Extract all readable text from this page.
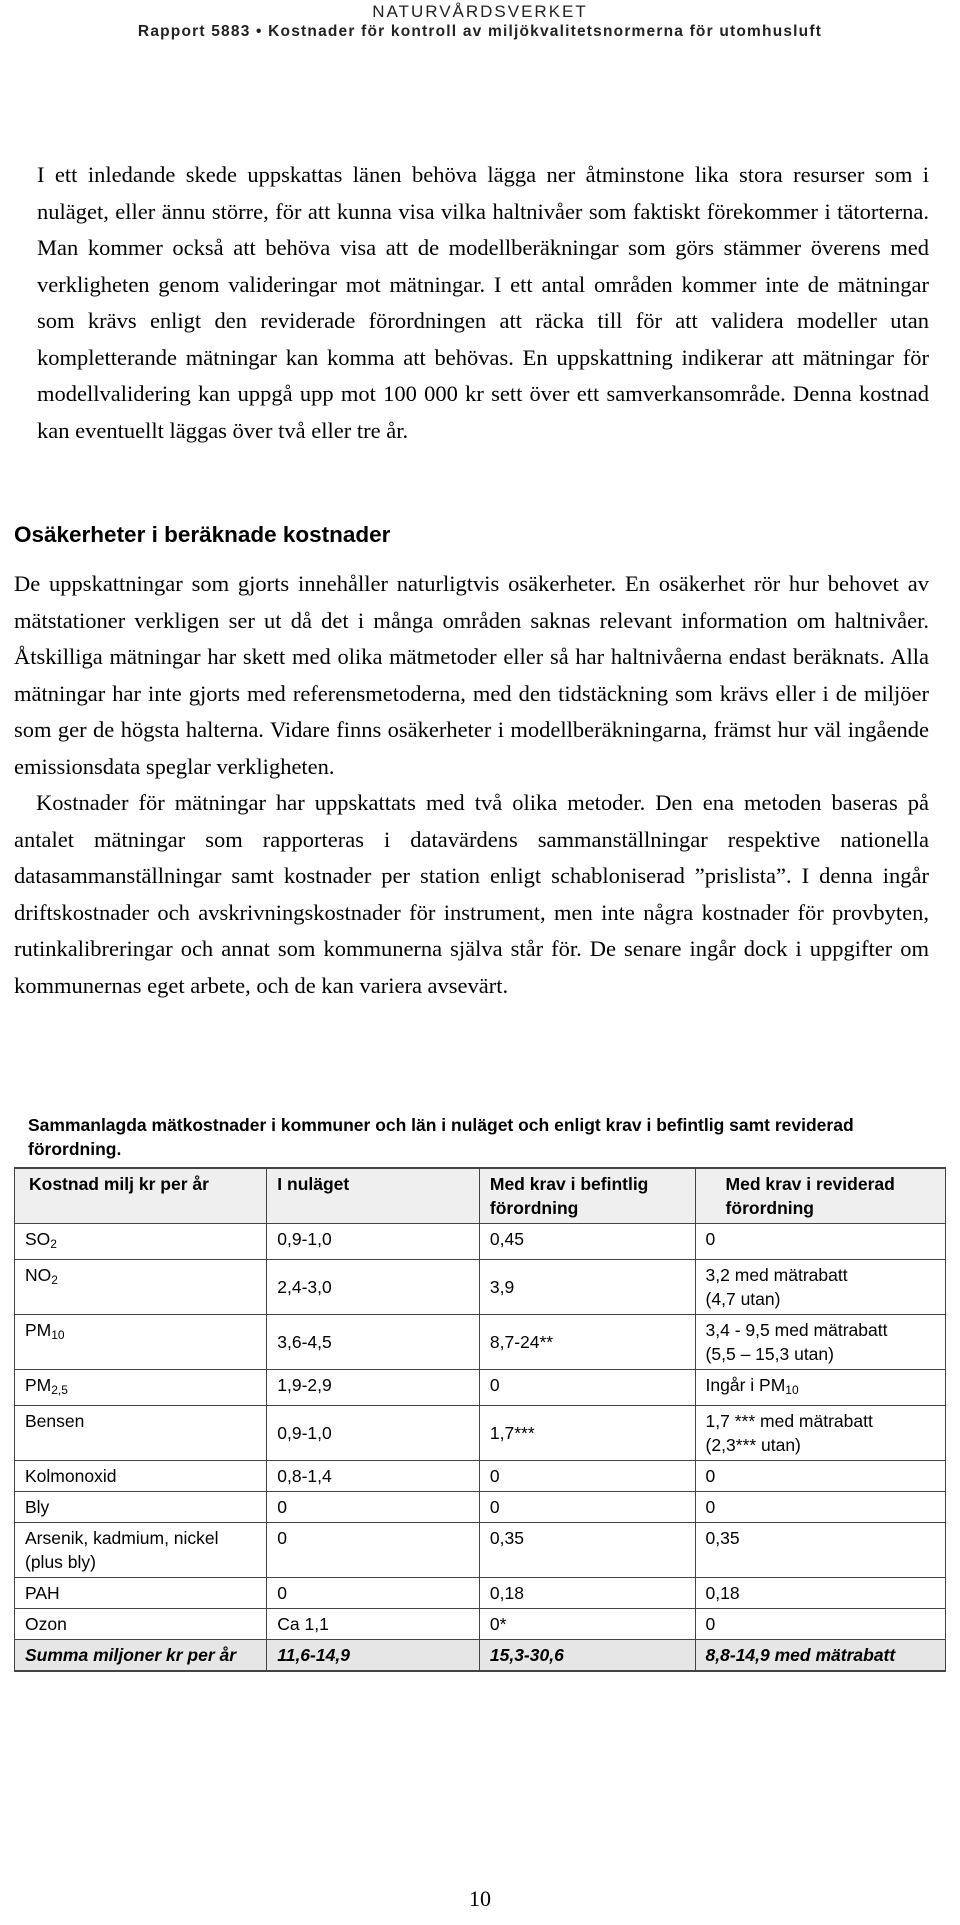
NATURVÅRDSVERKET
Rapport 5883 • Kostnader för kontroll av miljökvalitetsnormerna för utomhusluft

I ett inledande skede uppskattas länen behöva lägga ner åtminstone lika stora resurser som i nuläget, eller ännu större, för att kunna visa vilka haltnivåer som faktiskt förekommer i tätorterna. Man kommer också att behöva visa att de modellberäkningar som görs stämmer överens med verkligheten genom valideringar mot mätningar. I ett antal områden kommer inte de mätningar som krävs enligt den reviderade förordningen att räcka till för att validera modeller utan kompletterande mätningar kan komma att behövas. En uppskattning indikerar att mätningar för modellvalidering kan uppgå upp mot 100 000 kr sett över ett samverkansområde. Denna kostnad kan eventuellt läggas över två eller tre år.

Osäkerheter i beräknade kostnader

De uppskattningar som gjorts innehåller naturligtvis osäkerheter. En osäkerhet rör hur behovet av mätstationer verkligen ser ut då det i många områden saknas relevant information om haltnivåer. Åtskilliga mätningar har skett med olika mätmetoder eller så har haltnivåerna endast beräknats. Alla mätningar har inte gjorts med referensmetoderna, med den tidstäckning som krävs eller i de miljöer som ger de högsta halterna. Vidare finns osäkerheter i modellberäkningarna, främst hur väl ingående emissionsdata speglar verkligheten.

Kostnader för mätningar har uppskattats med två olika metoder. Den ena metoden baseras på antalet mätningar som rapporteras i datavärdens sammanställningar respektive nationella datasammanställningar samt kostnader per station enligt schabloniserad ”prislista”. I denna ingår driftskostnader och avskrivningskostnader för instrument, men inte några kostnader för provbyten, rutinkalibreringar och annat som kommunerna själva står för. De senare ingår dock i uppgifter om kommunernas eget arbete, och de kan variera avsevärt.

Sammanlagda mätkostnader i kommuner och län i nuläget och enligt krav i befintlig samt reviderad förordning.
Kostnad milj kr per år	I nuläget	Med krav i befintlig förordning	Med krav i reviderad förordning
$SO_2$	0,9-1,0	0,45	0
$NO_2$	2,4-3,0	3,9	3,2 med mätrabatt
(4,7 utan)
$PM_{10}$	3,6-4,5	8,7-24**	3,4 - 9,5 med mätrabatt
(5,5 – 15,3 utan)
$PM_{2,5}$	1,9-2,9	0	Ingår i $PM_{10}$
Bensen	0,9-1,0	1,7***	1,7 *** med mätrabatt
(2,3*** utan)
Kolmonoxid	0,8-1,4	0	0
Bly	0	0	0
Arsenik, kadmium, nickel (plus bly)	0	0,35	0,35
PAH	0	0,18	0,18
Ozon	Ca 1,1	0*	0
Summa miljoner kr per år	11,6-14,9	15,3-30,6	8,8-14,9 med mätrabatt
10
